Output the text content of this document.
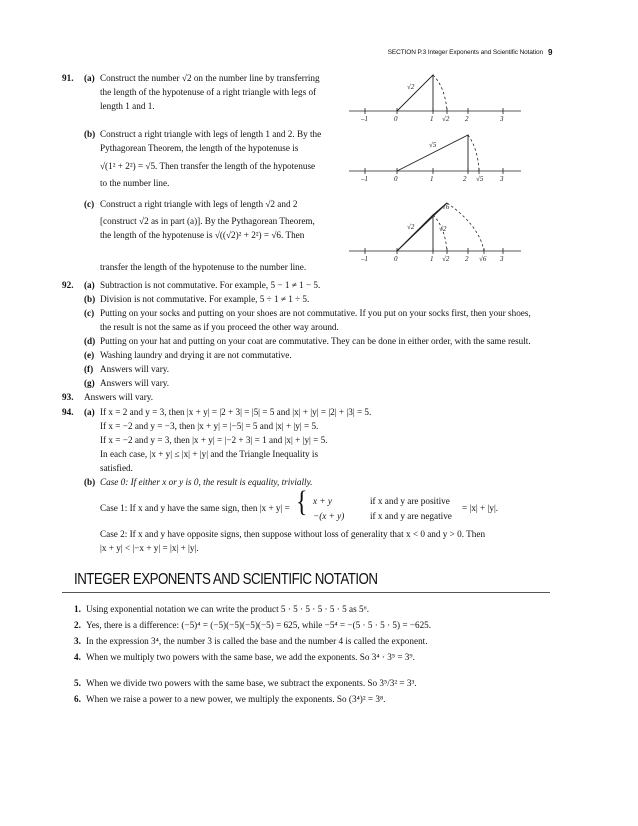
SECTION P.3 Integer Exponents and Scientific Notation 9
91. (a) Construct the number √2 on the number line by transferring
the length of the hypotenuse of a right triangle with legs of
length 1 and 1.
(b) Construct a right triangle with legs of length 1 and 2. By the
Pythagorean Theorem, the length of the hypotenuse is
√(1² + 2²) = √5. Then transfer the length of the hypotenuse
to the number line.
(c) Construct a right triangle with legs of length √2 and 2
[construct √2 as in part (a)]. By the Pythagorean Theorem,
the length of the hypotenuse is √((√2)² + 2²) = √6. Then
transfer the length of the hypotenuse to the number line.
√2
–1	0	1 √2 2	3
√5
–1	0	1	2 √5 3
√6
√2	√2
–1	0	1 √2 2 √6 3
92. (a) Subtraction is not commutative. For example, 5 − 1 ≠ 1 − 5.
(b) Division is not commutative. For example, 5 ÷ 1 ≠ 1 ÷ 5.
(c) Putting on your socks and putting on your shoes are not commutative. If you put on your socks first, then your shoes,
the result is not the same as if you proceed the other way around.
(d) Putting on your hat and putting on your coat are commutative. They can be done in either order, with the same result.
(e) Washing laundry and drying it are not commutative.
(f) Answers will vary.
(g) Answers will vary.
93. Answers will vary.
94. (a) If x = 2 and y = 3, then |x + y| = |2 + 3| = |5| = 5 and |x| + |y| = |2| + |3| = 5.
If x = −2 and y = −3, then |x + y| = |−5| = 5 and |x| + |y| = 5.
If x = −2 and y = 3, then |x + y| = |−2 + 3| = 1 and |x| + |y| = 5.
In each case, |x + y| ≤ |x| + |y| and the Triangle Inequality is
satisfied.
(b) Case 0: If either x or y is 0, the result is equality, trivially.
Case 1: If x and y have the same sign, then |x + y| = { x + y	if x and y are positive
−(x + y)	if x and y are negative
= |x| + |y|.
Case 2: If x and y have opposite signs, then suppose without loss of generality that x < 0 and y > 0. Then
|x + y| < |−x + y| = |x| + |y|.
INTEGER EXPONENTS AND SCIENTIFIC NOTATION
1. Using exponential notation we can write the product 5 · 5 · 5 · 5 · 5 · 5 as 5⁶.
2. Yes, there is a difference: (−5)⁴ = (−5)(−5)(−5)(−5) = 625, while −5⁴ = −(5 · 5 · 5 · 5) = −625.
3. In the expression 3⁴, the number 3 is called the base and the number 4 is called the exponent.
4. When we multiply two powers with the same base, we add the exponents. So 3⁴ · 3⁵ = 3⁹.
5. When we divide two powers with the same base, we subtract the exponents. So 3⁵/3² = 3³.
6. When we raise a power to a new power, we multiply the exponents. So (3⁴)² = 3⁸.
